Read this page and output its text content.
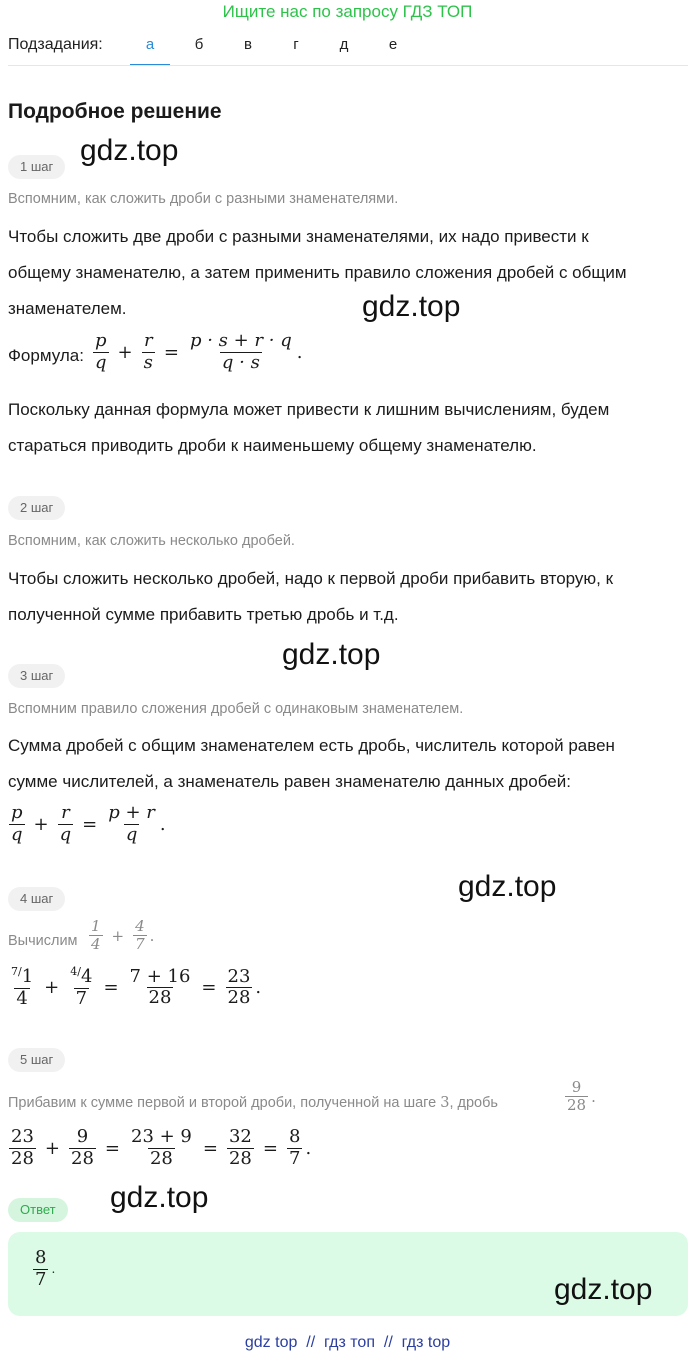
Ищите нас по запросу ГДЗ ТОП
Подзадания:	а	б	в	г	д	е
Подробное решение
1 шаг gdz.top
Вспомним, как сложить дроби с разными знаменателями.
Чтобы сложить две дроби с разными знаменателями, их надо привести к
общему знаменателю, а затем применить правило сложения дробей с общим
знаменателем.	gdz.top
Формула: $\frac{p}{q} + \frac{r}{s} = \frac{p \cdot s + r \cdot q}{q \cdot s}$ .
Поскольку данная формула может привести к лишним вычислениям, будем
стараться приводить дроби к наименьшему общему знаменателю.
2 шаг
Вспомним, как сложить несколько дробей.
Чтобы сложить несколько дробей, надо к первой дроби прибавить вторую, к
полученной сумме прибавить третью дробь и т.д.
gdz.top
3 шаг
Вспомним правило сложения дробей с одинаковым знаменателем.
Сумма дробей с общим знаменателем есть дробь, числитель которой равен
сумме числителей, а знаменатель равен знаменателю данных дробей:
$\frac{p}{q} + \frac{r}{q} = \frac{p + r}{q}$ .
gdz.top
4 шаг
Вычислим $\frac{1}{4} + \frac{4}{7}$ .
$\frac{^{7/}1}{4} + \frac{^{4/}4}{7} = \frac{7 + 16}{28} = \frac{23}{28}$ .
5 шаг
Прибавим к сумме первой и второй дроби, полученной на шаге 3 , дробь	$\frac{9}{28}$ .
$\frac{23}{28} + \frac{9}{28} = \frac{23 + 9}{28} = \frac{32}{28} = \frac{8}{7}$ .
gdz.top
Ответ
$\frac{8}{7}$ .
gdz.top
gdz top  //  гдз топ  //  гдз top
